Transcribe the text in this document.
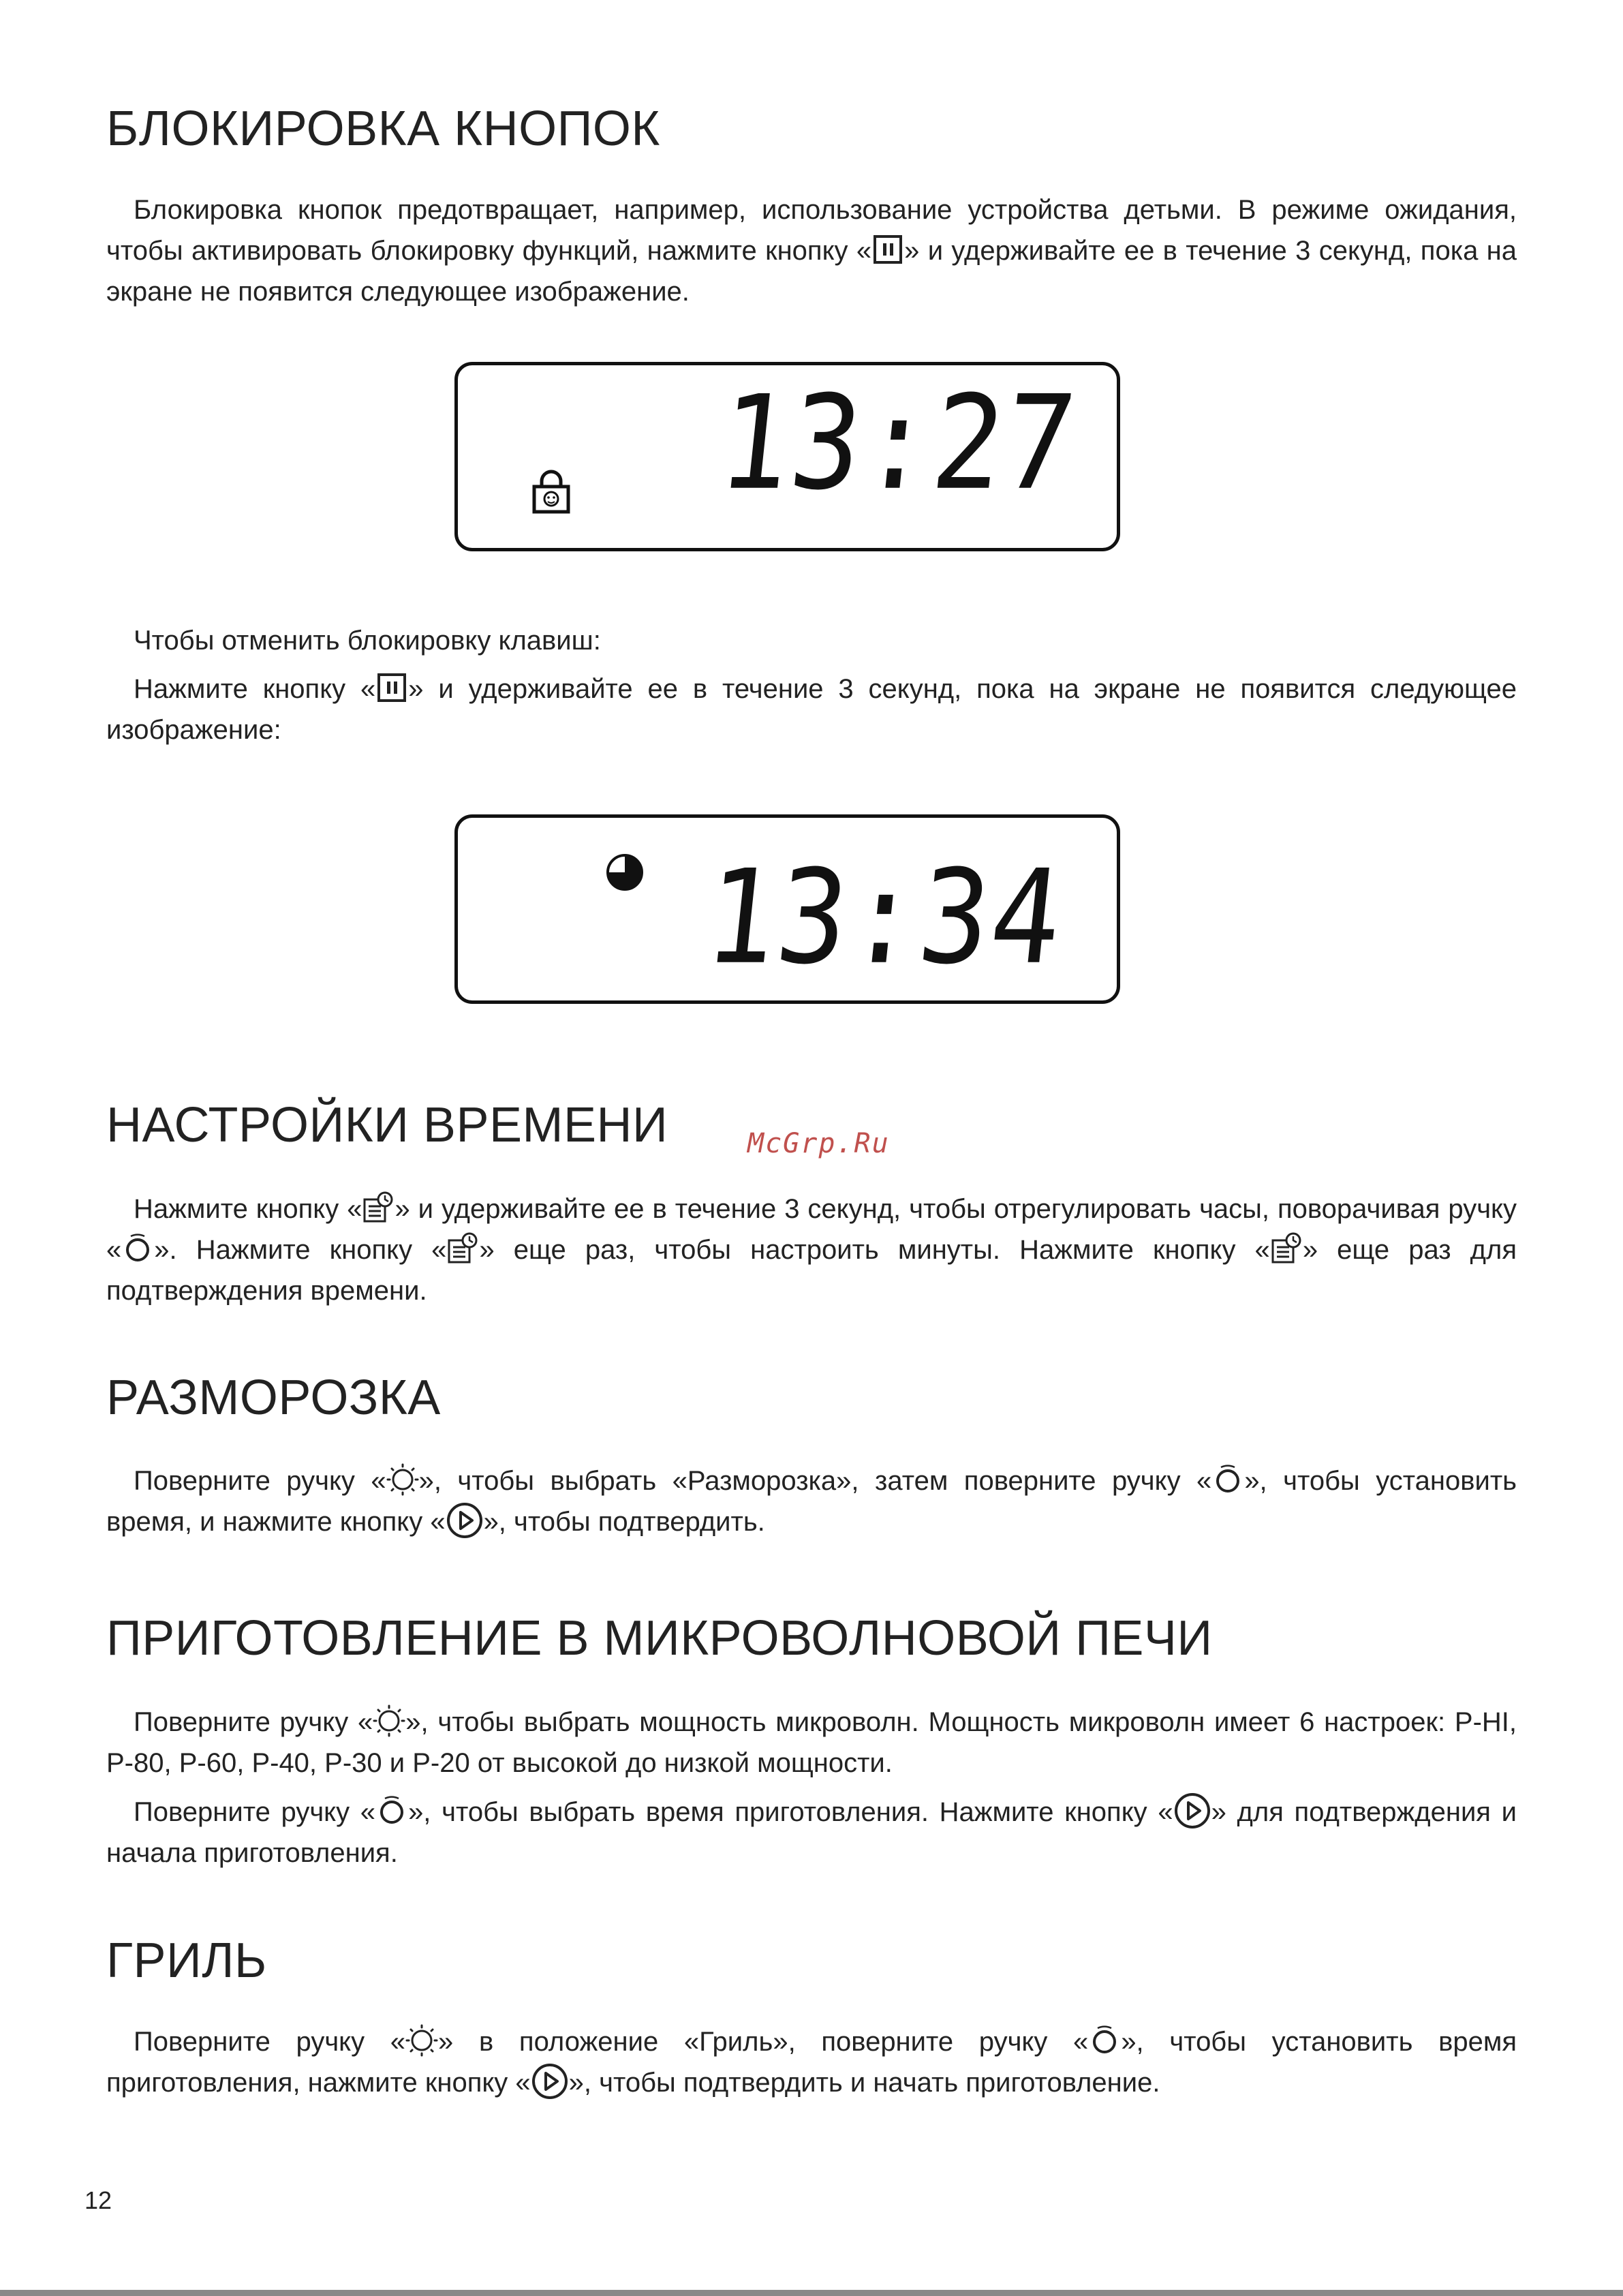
БЛОКИРОВКА КНОПОК

Блокировка кнопок предотвращает, например, использование устройства детьми. В режиме ожидания, чтобы активировать блокировку функций, нажмите кнопку « » и удерживайте ее в течение 3 секунд, пока на экране не появится следующее изображение.

13:27

Чтобы отменить блокировку клавиш:

Нажмите кнопку « » и удерживайте ее в течение 3 секунд, пока на экране не появится следующее изображение:

13:34
НАСТРОЙКИ ВРЕМЕНИ	McGrp.Ru

Нажмите кнопку « » и удерживайте ее в течение 3 секунд, чтобы отрегулировать часы, поворачивая ручку « ». Нажмите кнопку « » еще раз, чтобы настроить минуты. Нажмите кнопку « » еще раз для подтверждения времени.

РАЗМОРОЗКА

Поверните ручку « », чтобы выбрать «Разморозка», затем поверните ручку « », чтобы установить время, и нажмите кнопку « », чтобы подтвердить.

ПРИГОТОВЛЕНИЕ В МИКРОВОЛНОВОЙ ПЕЧИ

Поверните ручку « », чтобы выбрать мощность микроволн. Мощность микроволн имеет 6 настроек: P-HI, P-80, P-60, P-40, P-30 и P-20 от высокой до низкой мощности.

Поверните ручку « », чтобы выбрать время приготовления. Нажмите кнопку « » для подтверждения и начала приготовления.

ГРИЛЬ

Поверните ручку « » в положение «Гриль», поверните ручку « », чтобы установить время приготовления, нажмите кнопку « », чтобы подтвердить и начать приготовление.

12
